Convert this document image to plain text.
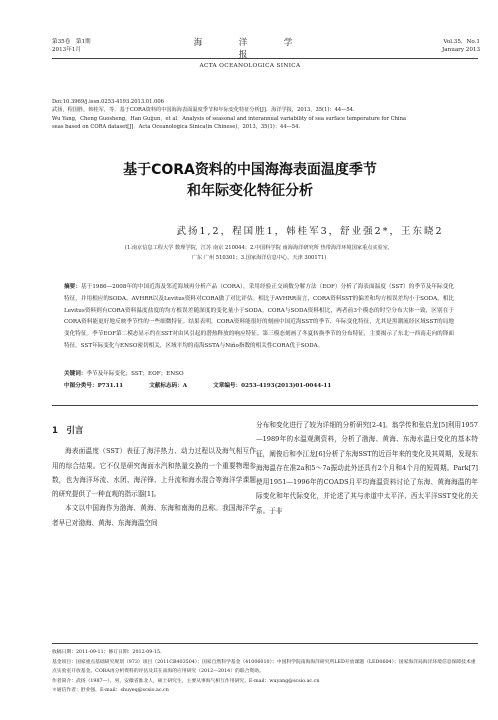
第35卷　第1期
2013年1月
海　洋　学　报
ACTA OCEANOLOGICA SINICA
Vol.35，No.1
January 2013
Doi:10.3969/j.issn.0253-4193.2013.01.006
武扬，程国胜，韩桂军，等．基于CORA资料的中国海海表面温度季节和年际变化特征分析[J]．海洋学报，2013，35(1)：44—54.
Wu Yang，Cheng Guosheng，Han Guijun，et al．Analysis of seasonal and interannual variability of sea surface temperature for China
seas based on CORA dataset[J]．Acta Oceanologica Sinica(in Chinese)，2013，35(1)：44—54.
基于CORA资料的中国海海表面温度季节
和年际变化特征分析
武扬1,2，程国胜1，韩桂军3，舒业强2*，王东晓2
(1.南京信息工程大学 数理学院，江苏 南京 210044；2.中国科学院 南海海洋研究所 热带海洋环境国家重点实验室，
广东 广州 510301；3.国家海洋信息中心，天津 300171)
摘要：基于1986—2008年的中国近海及邻近海域再分析产品（CORA），采用经验正交函数分解方法（EOF）分析了海表面温度（SST）的季节及年际变化特征，并用相应的SODA、AVHRR以及Levitus资料对CORA做了对比评估。相比于AVHRR而言，CORA资料SST的偏差和均方根误差均小于SODA，相比Levitus资料则有CORA资料温度盐度的均方根误差随深度的变化量小于SODA。CORA与SODA资料相比，两者前3个模态的时空分布大体一致，区别在于CORA资料能更好地反映季节性的一些细微特征。结果表明，CORA资料能很好的刻画中国近海SST的季节、年际变化特征，尤其是黑潮流经区域SST的局地变化特征。季节EOF第二模态显示约在SST对由风引起的潜热释放的响应特征。第三模态刻画了冬夏转换季节的分布特征，主要揭示了东北一西南走向的锋面特征。SST年际变化与ENSO密切相关，区域平均的南海SSTA与Niño指数的相关性CORA优于SODA。
关键词：季节及年际变化；SST；EOF；ENSO
中图分类号：P731.11	文献标志码：A	文章编号：0253-4193(2013)01-0044-11
1　引言
海表面温度（SST）表征了海洋热力、动力过程以及海气相互作用的综合结果。它不仅是研究海面水汽和热量交换的一个重要物理参数，也为海洋环流、水团、海洋锋、上升流和海水混合等海洋学课题的研究提供了一种直观的指示器[1]。
本文以中国海作为渤海、黄海、东海和南海的总称。我国海洋学者早已对渤海、黄海、东海海温空间
分布和变化进行了较为详细的分析研究[2-4]。翁学传和张启龙[5]利用1957—1989年的水温观测资料，分析了渤海、黄海、东海水温日变化的基本特征，阐俊后和李江龙[6]分析了东海SST的近百年来的变化及其周期，发现东海海温存在准2a和5～7a振动此外还具有2个月和4个月的短周期。Park[7]使用1951—1996年的COADS月平均海温资料讨论了东海、黄海海温的年际变化和年代际变化，并论述了其与赤道中太平洋、西太平洋SST变化的关系。于非
收稿日期：2011-09-11；修订日期：2012-09-15.
基金项目：国家重点基础研究规划（973）项目（2011CB403504）；国家自然科学基金（41006010）；中国科学院南海海洋研究所LED开放课题（LED0604）；国家海洋局海洋环境信息保障技术重点实验室开放基金。CORA再分析资料的评估及其在南海的应用研究（2012—2014）的联合资助。
作者简介：武扬（1987—），男，安徽省淮北人，硕士研究生，主要从事海气相互作用研究。E-mail：wuyang@scsio.ac.cn
＊通信作者：舒业强，E-mail：shuyeq@scsio.ac.cn
